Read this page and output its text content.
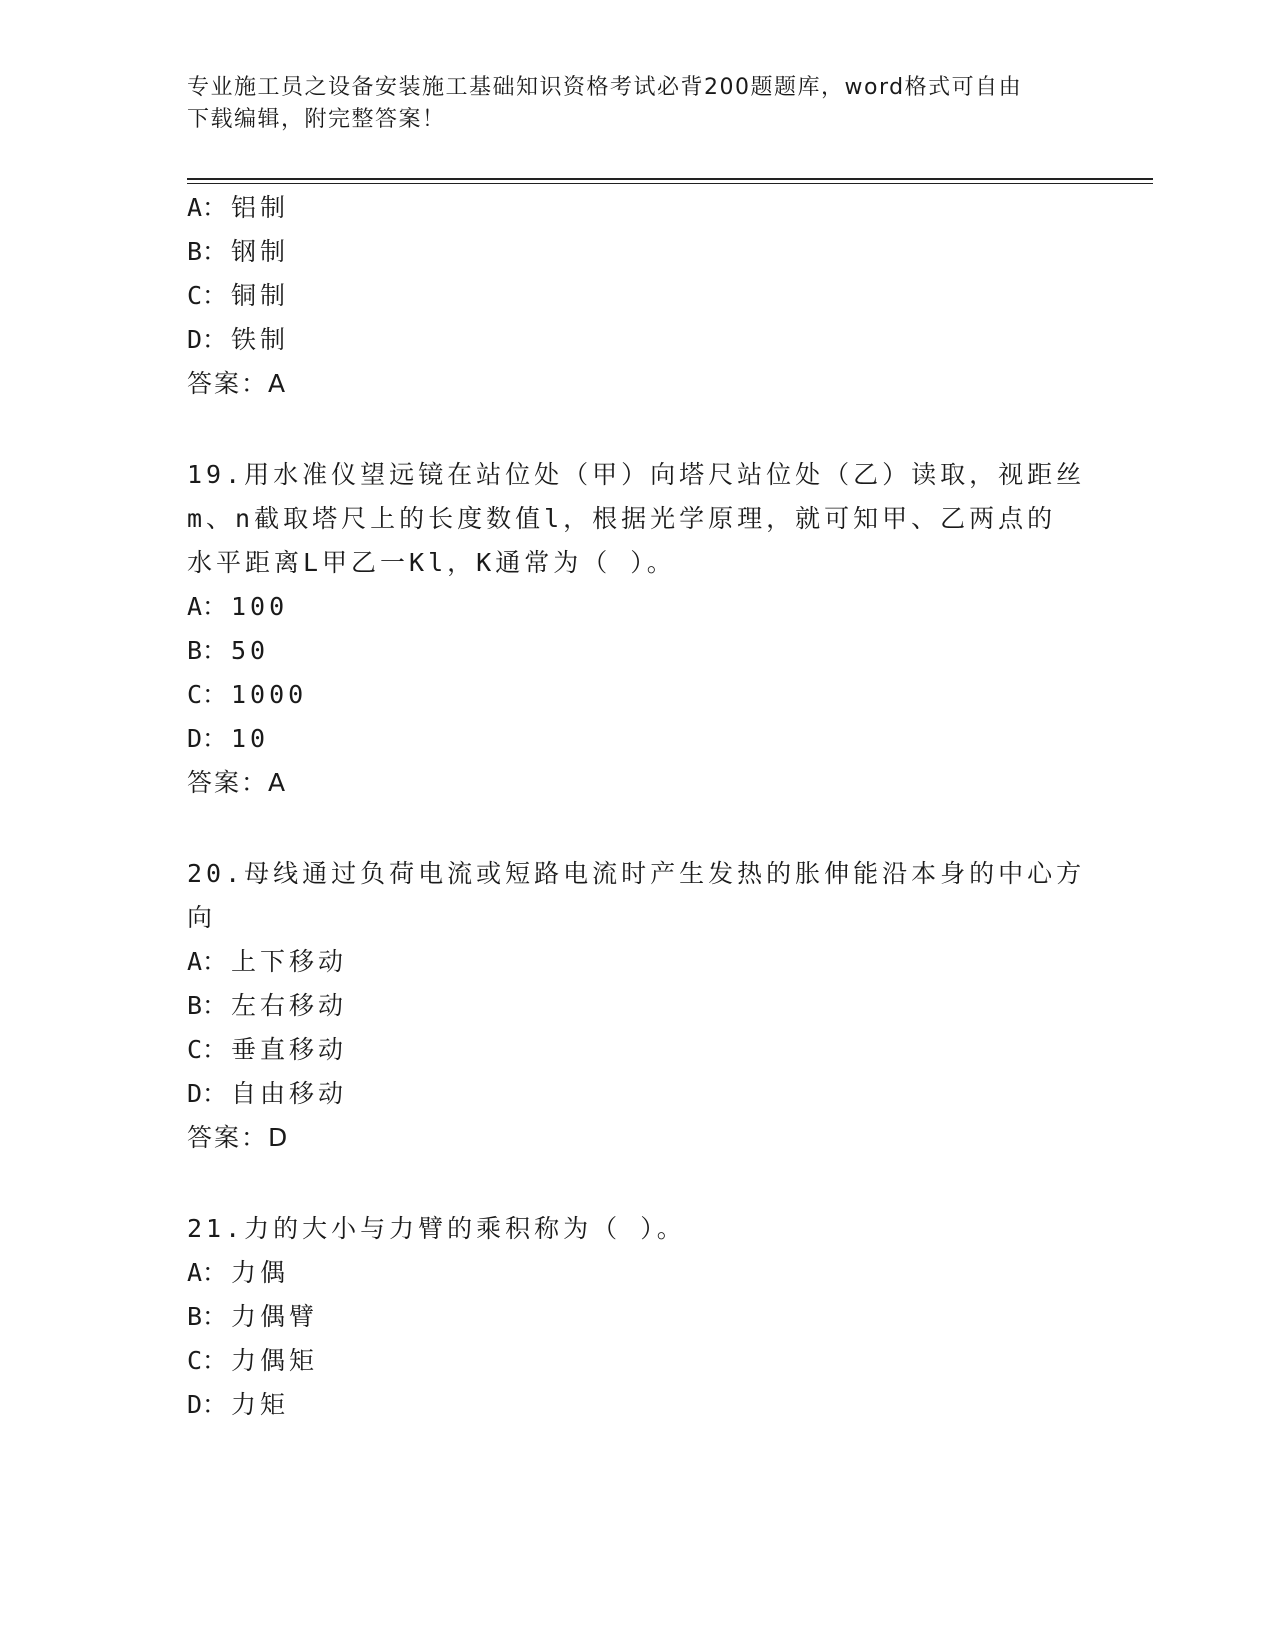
专业施工员之设备安装施工基础知识资格考试必背200题题库，word格式可自由
下载编辑，附完整答案！
A： 铝制
B： 钢制
C： 铜制
D： 铁制
答案：A
19.用水准仪望远镜在站位处（甲）向塔尺站位处（乙）读取，视距丝
m、n截取塔尺上的长度数值l，根据光学原理，就可知甲、乙两点的
水平距离L甲乙一Kl，K通常为（ ）。
A： 100
B： 50
C： 1000
D： 10
答案：A
20.母线通过负荷电流或短路电流时产生发热的胀伸能沿本身的中心方
向
A： 上下移动
B： 左右移动
C： 垂直移动
D： 自由移动
答案：D
21.力的大小与力臂的乘积称为（ ）。
A： 力偶
B： 力偶臂
C： 力偶矩
D： 力矩
